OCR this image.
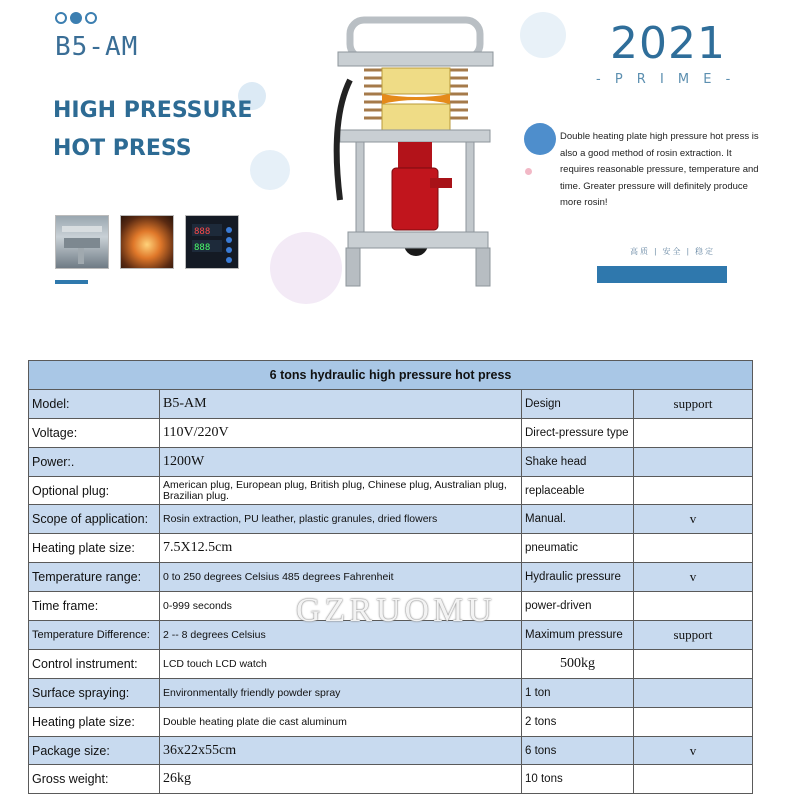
B5-AM
HIGH PRESSURE
HOT PRESS
888
888
2021
- P R I M E -
Double heating plate high pressure hot press is also a good method of rosin extraction. It requires reasonable pressure, temperature and time. Greater pressure will definitely produce more rosin!
高质 | 安全 | 稳定
6 tons hydraulic high pressure hot press			
Model:	B5-AM	Design	support
Voltage:	110V/220V	Direct-pressure type	
Power:.	1200W	Shake head	
Optional plug:	American plug, European plug, British plug, Chinese plug, Australian plug, Brazilian plug.	replaceable	
Scope of application:	Rosin extraction, PU leather, plastic granules, dried flowers	Manual.	v
Heating plate size:	7.5X12.5cm	pneumatic	
Temperature range:	0 to 250 degrees Celsius 485 degrees Fahrenheit	Hydraulic pressure	v
Time frame:	0-999 seconds	power-driven	
Temperature Difference:	2 -- 8 degrees Celsius	Maximum pressure	support
Control instrument:	LCD touch LCD watch	500kg	
Surface spraying:	Environmentally friendly powder spray	1 ton	
Heating plate size:	Double heating plate die cast aluminum	2 tons	
Package size:	36x22x55cm	6 tons	v
Gross weight:	26kg	10 tons	
GZRUOMU
